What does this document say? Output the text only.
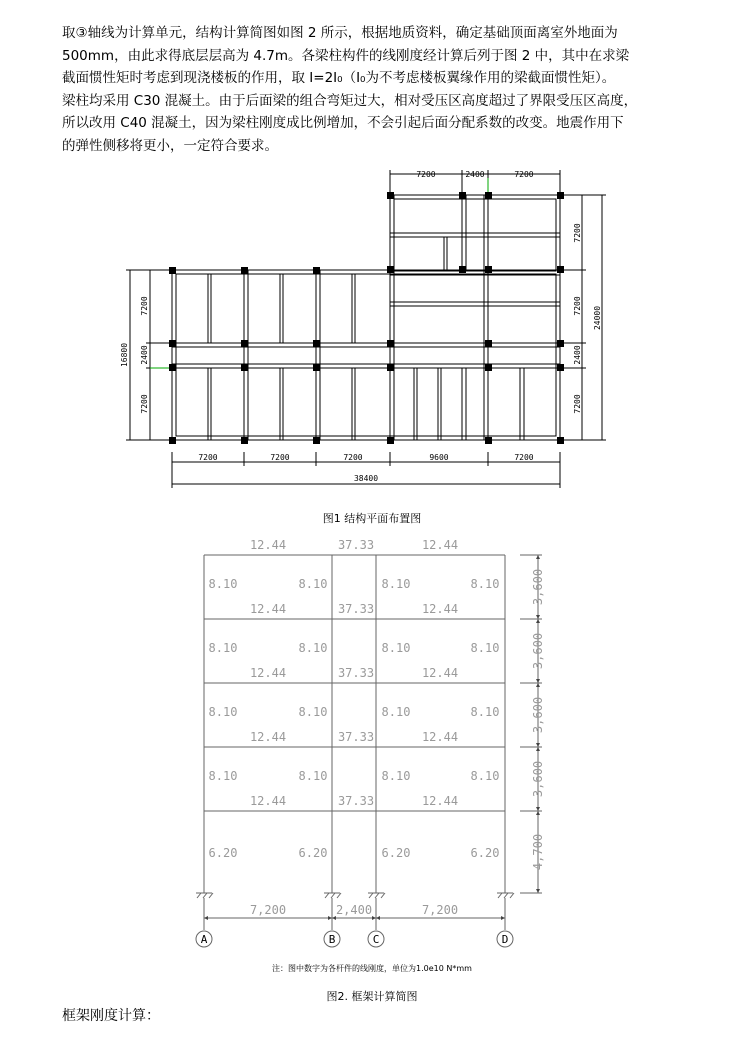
取③轴线为计算单元，结构计算简图如图 2 所示，根据地质资料，确定基础顶面离室外地面为
500mm，由此求得底层层高为 4.7m。各梁柱构件的线刚度经计算后列于图 2 中，其中在求梁
截面惯性矩时考虑到现浇楼板的作用，取 I=2I₀（I₀为不考虑楼板翼缘作用的梁截面惯性矩）。
梁柱均采用 C30 混凝土。由于后面梁的组合弯矩过大，相对受压区高度超过了界限受压区高度，
所以改用 C40 混凝土，因为梁柱刚度成比例增加，不会引起后面分配系数的改变。地震作用下
的弹性侧移将更小，一定符合要求。
7200	2400	7200
7200	7200	7200	9600	7200
38400
7200
2400
7200
16800
7200
7200
2400
7200
24000
图1 结构平面布置图
12.44	37.33	12.44
12.44	37.33	12.44
12.44	37.33	12.44
12.44	37.33	12.44
12.44	37.33	12.44
8.10	8.10	8.10	8.10
8.10	8.10	8.10	8.10
8.10	8.10	8.10	8.10
8.10	8.10	8.10	8.10
6.20	6.20	6.20	6.20
3,600
3,600
3,600
3,600
4,700
7,200	2,400	7,200
A	B	C	D
注：图中数字为各杆件的线刚度，单位为1.0e10 N*mm
图2. 框架计算简图
框架刚度计算：
